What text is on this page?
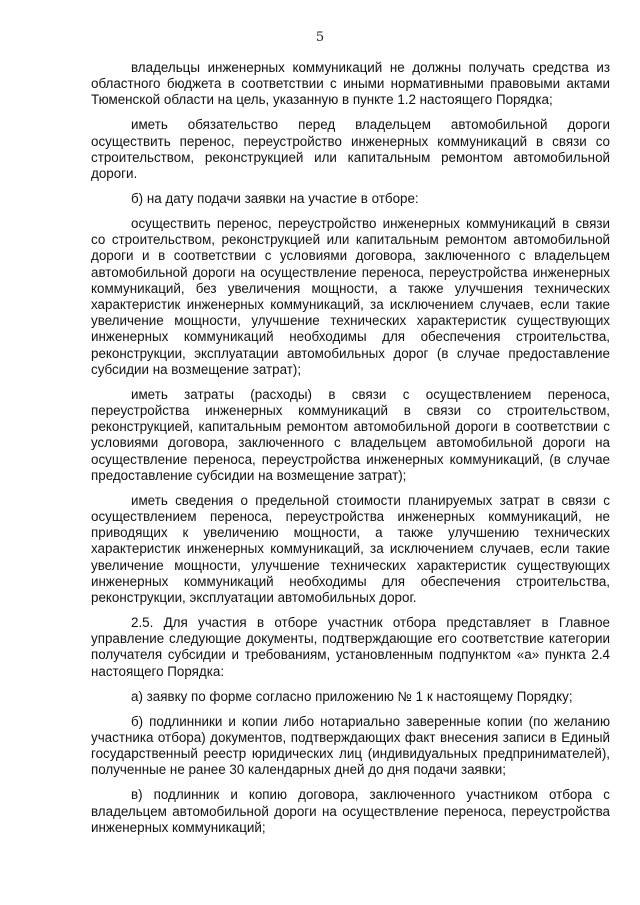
5

владельцы инженерных коммуникаций не должны получать средства из областного бюджета в соответствии с иными нормативными правовыми актами Тюменской области на цель, указанную в пункте 1.2 настоящего Порядка;

иметь обязательство перед владельцем автомобильной дороги осуществить перенос, переустройство инженерных коммуникаций в связи со строительством, реконструкцией или капитальным ремонтом автомобильной дороги.

б) на дату подачи заявки на участие в отборе:

осуществить перенос, переустройство инженерных коммуникаций в связи со строительством, реконструкцией или капитальным ремонтом автомобильной дороги и в соответствии с условиями договора, заключенного с владельцем автомобильной дороги на осуществление переноса, переустройства инженерных коммуникаций, без увеличения мощности, а также улучшения технических характеристик инженерных коммуникаций, за исключением случаев, если такие увеличение мощности, улучшение технических характеристик существующих инженерных коммуникаций необходимы для обеспечения строительства, реконструкции, эксплуатации автомобильных дорог (в случае предоставление субсидии на возмещение затрат);

иметь затраты (расходы) в связи с осуществлением переноса, переустройства инженерных коммуникаций в связи со строительством, реконструкцией, капитальным ремонтом автомобильной дороги в соответствии с условиями договора, заключенного с владельцем автомобильной дороги на осуществление переноса, переустройства инженерных коммуникаций, (в случае предоставление субсидии на возмещение затрат);

иметь сведения о предельной стоимости планируемых затрат в связи с осуществлением переноса, переустройства инженерных коммуникаций, не приводящих к увеличению мощности, а также улучшению технических характеристик инженерных коммуникаций, за исключением случаев, если такие увеличение мощности, улучшение технических характеристик существующих инженерных коммуникаций необходимы для обеспечения строительства, реконструкции, эксплуатации автомобильных дорог.

2.5. Для участия в отборе участник отбора представляет в Главное управление следующие документы, подтверждающие его соответствие категории получателя субсидии и требованиям, установленным подпунктом «а» пункта 2.4 настоящего Порядка:

а) заявку по форме согласно приложению № 1 к настоящему Порядку;

б) подлинники и копии либо нотариально заверенные копии (по желанию участника отбора) документов, подтверждающих факт внесения записи в Единый государственный реестр юридических лиц (индивидуальных предпринимателей), полученные не ранее 30 календарных дней до дня подачи заявки;

в) подлинник и копию договора, заключенного участником отбора с владельцем автомобильной дороги на осуществление переноса, переустройства инженерных коммуникаций;
